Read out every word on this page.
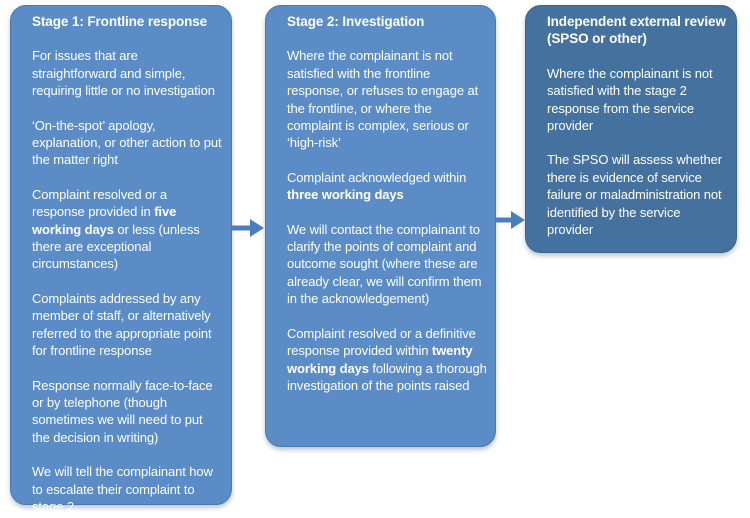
Stage 1: Frontline response

For issues that are straightforward and simple, requiring little or no investigation

‘On-the-spot’ apology, explanation, or other action to put the matter right

Complaint resolved or a response provided in five working days or less (unless there are exceptional circumstances)

Complaints addressed by any member of staff, or alternatively referred to the appropriate point for frontline response

Response normally face-to-face or by telephone (though sometimes we will need to put the decision in writing)

We will tell the complainant how to escalate their complaint to stage 2

Stage 2: Investigation

Where the complainant is not satisfied with the frontline response, or refuses to engage at the frontline, or where the complaint is complex, serious or ‘high-risk’

Complaint acknowledged within three working days

We will contact the complainant to clarify the points of complaint and outcome sought (where these are already clear, we will confirm them in the acknowledgement)

Complaint resolved or a definitive response provided within twenty working days following a thorough investigation of the points raised

Independent external review (SPSO or other)

Where the complainant is not satisfied with the stage 2 response from the service provider

The SPSO will assess whether there is evidence of service failure or maladministration not identified by the service provider
